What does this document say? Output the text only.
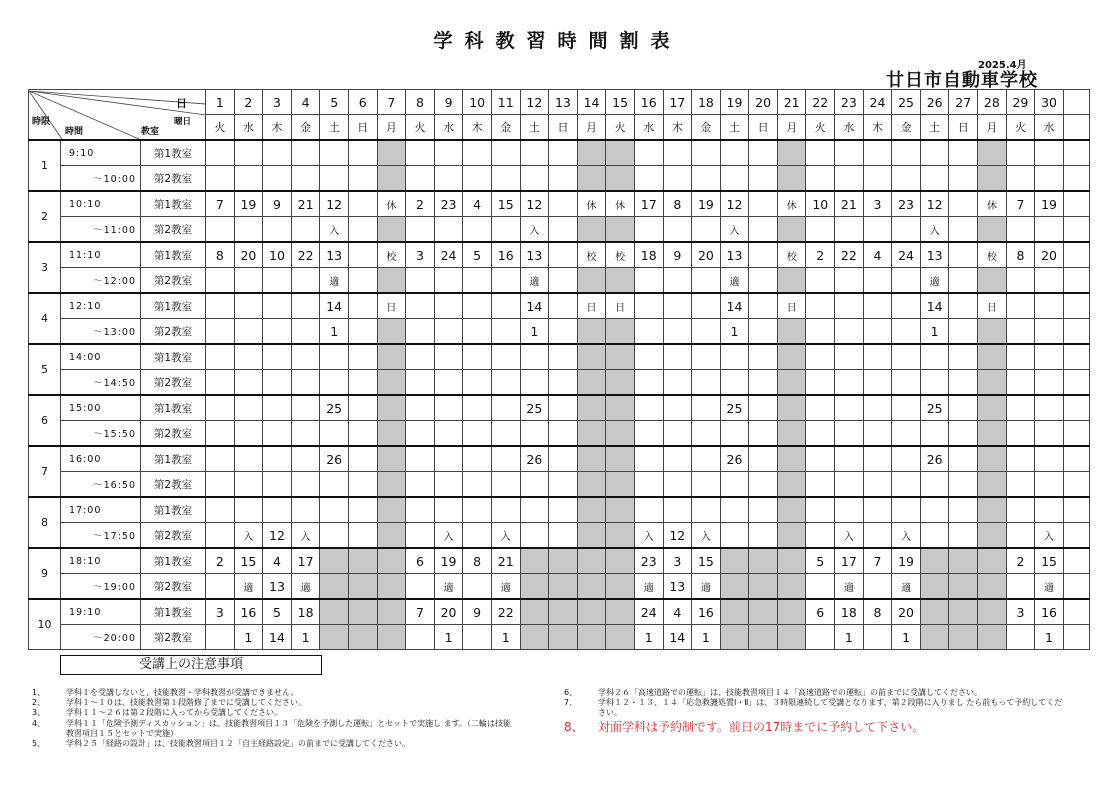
学科教習時間割表
2025.4月
廿日市自動車学校
日
曜日
教室
時間
時限			1	2	3	4	5	6	7	8	9	10	11	12	13	14	15	16	17	18	19	20	21	22	23	24	25	26	27	28	29	30	
			火	水	木	金	土	日	月	火	水	木	金	土	日	月	火	水	木	金	土	日	月	火	水	木	金	土	日	月	火	水	
1	9:10	第1教室																															
	～10:00	第2教室																															
2	10:10	第1教室	7	19	9	21	12		休	2	23	4	15	12		休	休	17	8	19	12		休	10	21	3	23	12		休	7	19	
	～11:00	第2教室					入							入							入							入					
3	11:10	第1教室	8	20	10	22	13		校	3	24	5	16	13		校	校	18	9	20	13		校	2	22	4	24	13		校	8	20	
	～12:00	第2教室					適							適							適							適					
4	12:10	第1教室					14		日					14		日	日				14		日					14		日			
	～13:00	第2教室					1							1							1							1					
5	14:00	第1教室																															
	～14:50	第2教室																															
6	15:00	第1教室					25							25							25							25					
	～15:50	第2教室																															
7	16:00	第1教室					26							26							26							26					
	～16:50	第2教室																															
8	17:00	第1教室																															
	～17:50	第2教室		入	12	入					入		入					入	12	入					入		入					入	
9	18:10	第1教室	2	15	4	17				6	19	8	21					23	3	15				5	17	7	19				2	15	
	～19:00	第2教室		適	13	適					適		適					適	13	適					適		適					適	
10	19:10	第1教室	3	16	5	18				7	20	9	22					24	4	16				6	18	8	20				3	16	
	～20:00	第2教室		1	14	1					1		1					1	14	1					1		1					1	
受講上の注意事項
1、	学科１を受講しないと、技能教習・学科教習が受講できません。
2、	学科１～１０は、技能教習第１段階修了までに受講してください。
3、	学科１１～２６は第２段階に入ってから受講してください。
4、	学科１１「危険予測ディスカッション」は、技能教習項目１３「危険を予測した運転」とセットで実施し ます。（二輪は技能教習項目１５とセットで実施）
5、	学科２５「経路の設計」は、技能教習項目１２「自主経路設定」の前までに受講してください。
6、	学科２６「高速道路での運転」は、技能教習項目１４「高速道路での運転」の前までに受講してください。
7、	学科１２・１３、１４「応急救護処置Ⅰ・Ⅱ」は、３時限連続して受講となります、第２段階に入りまし たら前もって予約してください。
8、 対面学科は予約制です。前日の17時までに予約して下さい。
